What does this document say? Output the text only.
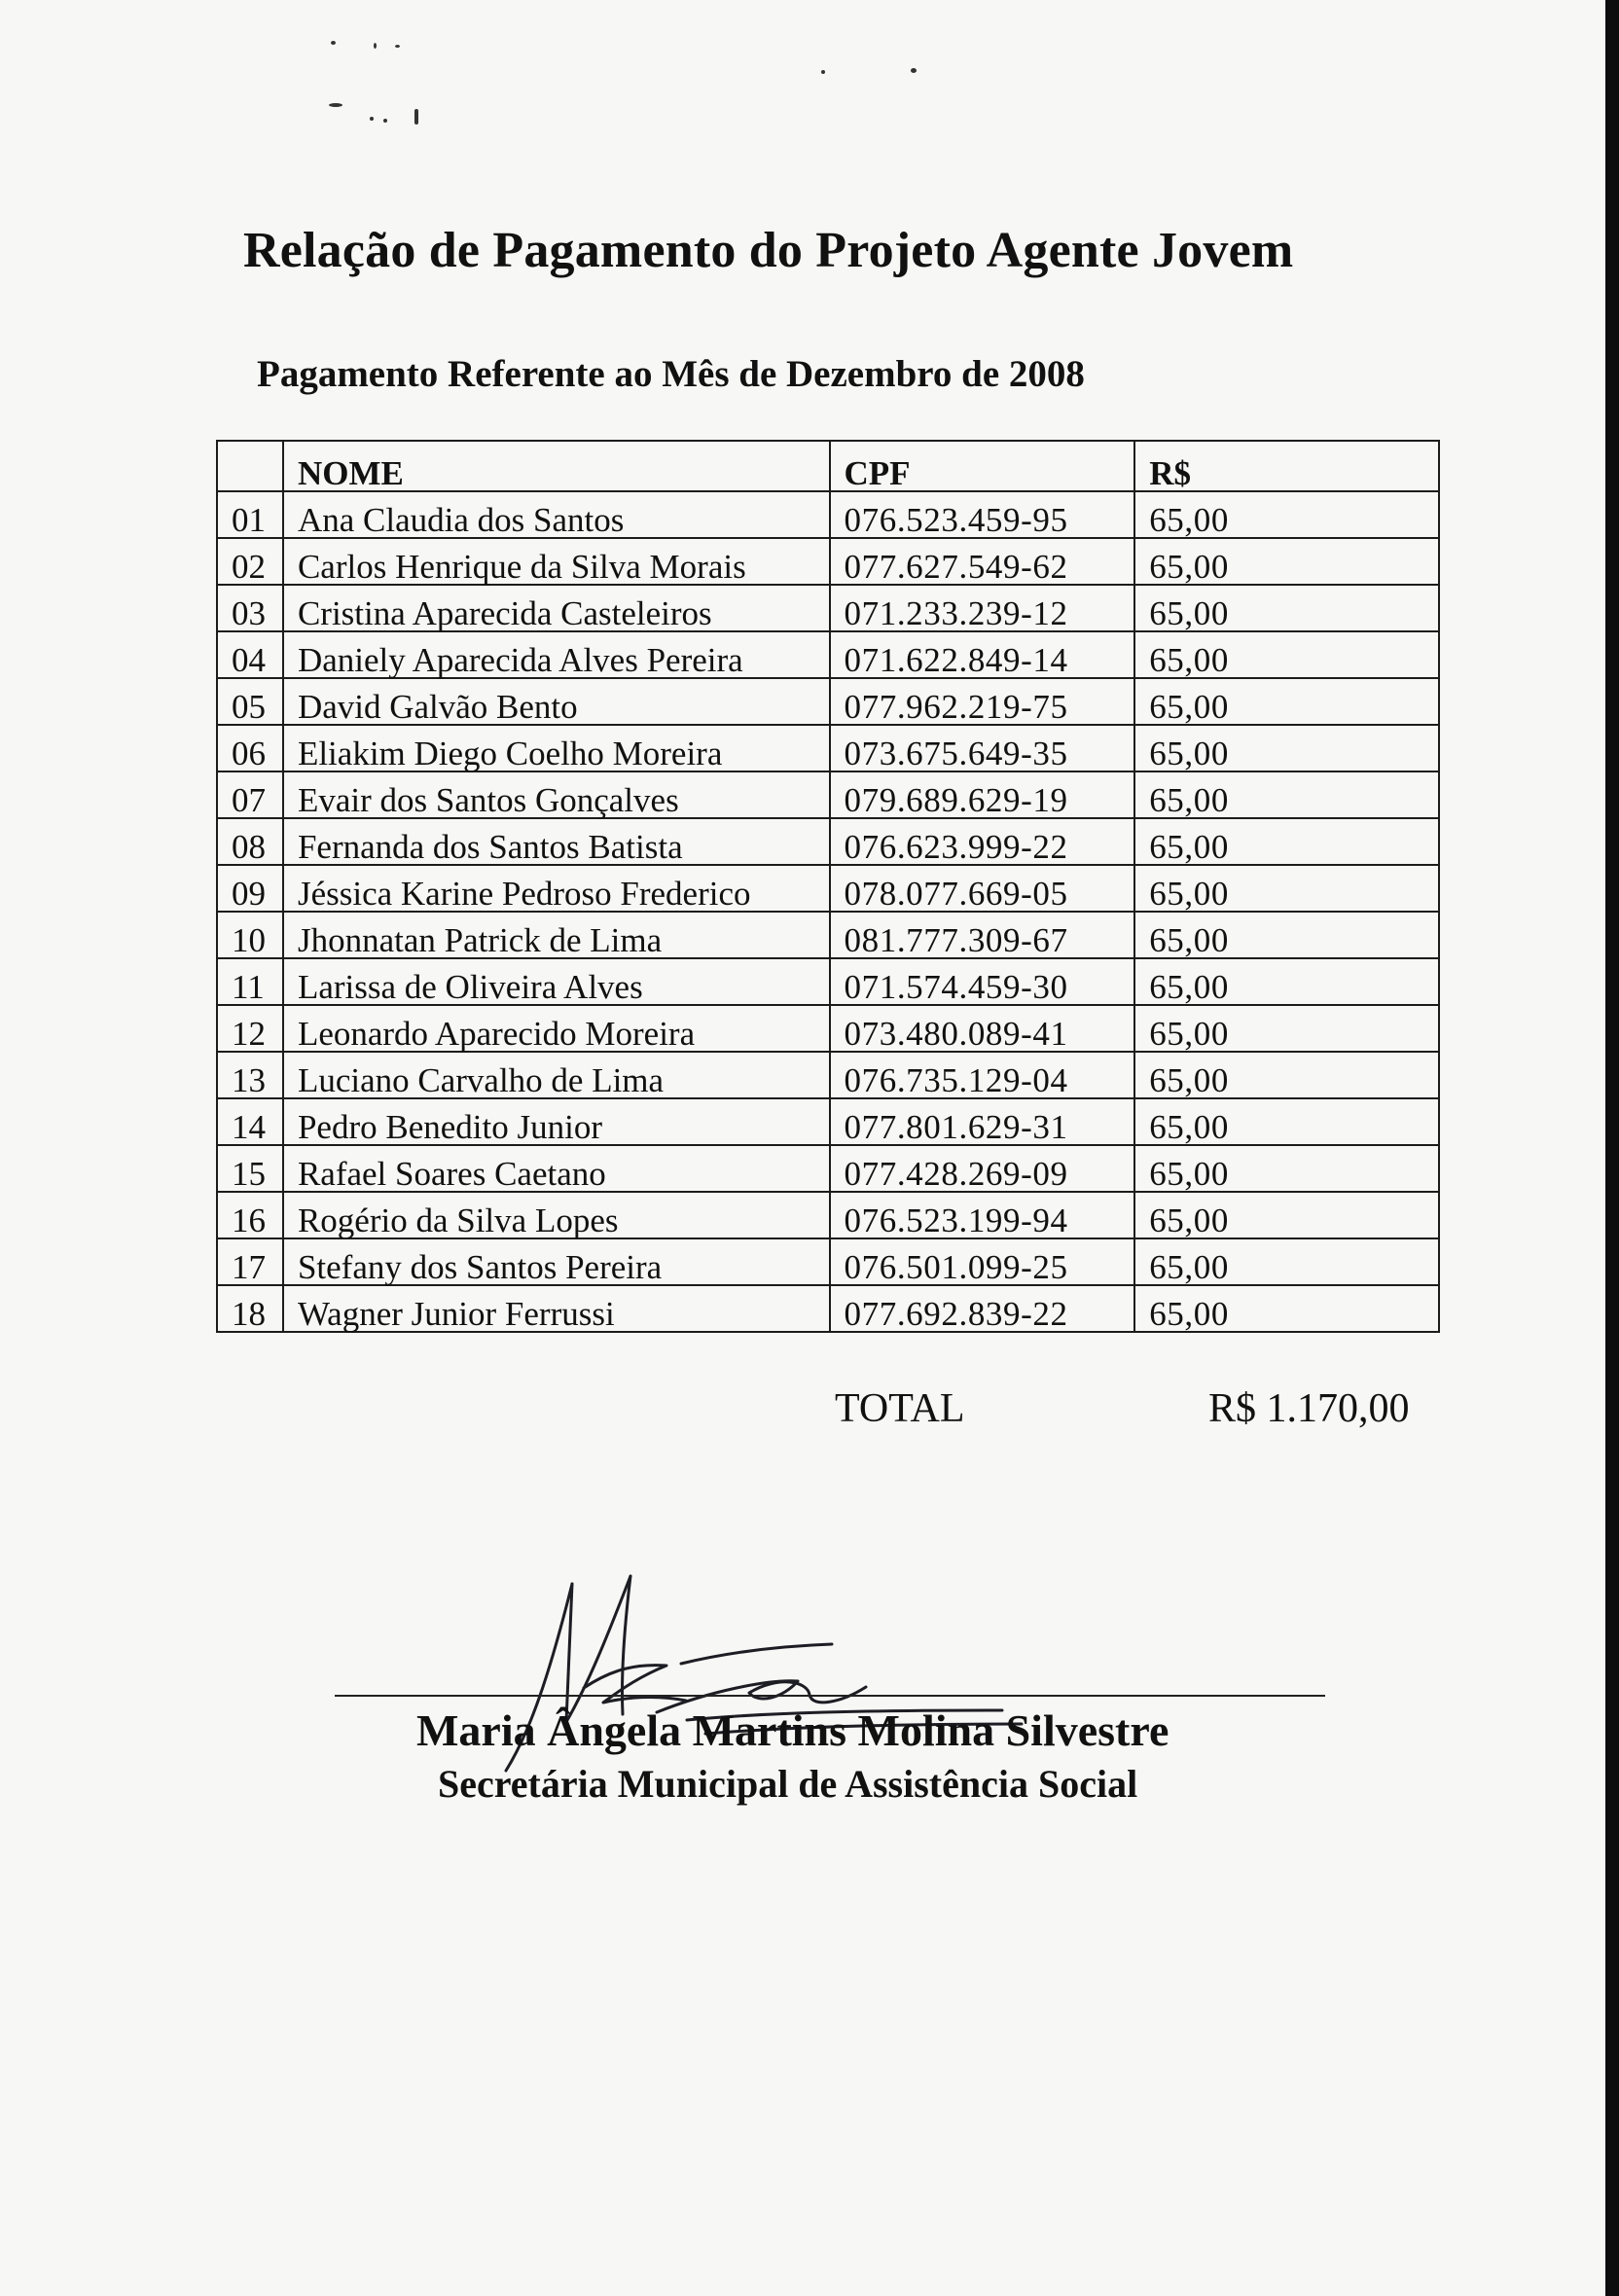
Relação de Pagamento do Projeto Agente Jovem
Pagamento Referente ao Mês de Dezembro de 2008
	NOME	CPF	R$
01	Ana Claudia dos Santos	076.523.459-95	65,00
02	Carlos Henrique da Silva Morais	077.627.549-62	65,00
03	Cristina Aparecida Casteleiros	071.233.239-12	65,00
04	Daniely Aparecida Alves Pereira	071.622.849-14	65,00
05	David Galvão Bento	077.962.219-75	65,00
06	Eliakim Diego Coelho Moreira	073.675.649-35	65,00
07	Evair dos Santos Gonçalves	079.689.629-19	65,00
08	Fernanda dos Santos Batista	076.623.999-22	65,00
09	Jéssica Karine Pedroso Frederico	078.077.669-05	65,00
10	Jhonnatan Patrick de Lima	081.777.309-67	65,00
11	Larissa de Oliveira Alves	071.574.459-30	65,00
12	Leonardo Aparecido Moreira	073.480.089-41	65,00
13	Luciano Carvalho de Lima	076.735.129-04	65,00
14	Pedro Benedito Junior	077.801.629-31	65,00
15	Rafael Soares Caetano	077.428.269-09	65,00
16	Rogério da Silva Lopes	076.523.199-94	65,00
17	Stefany dos Santos Pereira	076.501.099-25	65,00
18	Wagner Junior Ferrussi	077.692.839-22	65,00
TOTAL	R$ 1.170,00
Maria Ângela Martins Molina Silvestre
Secretária Municipal de Assistência Social
